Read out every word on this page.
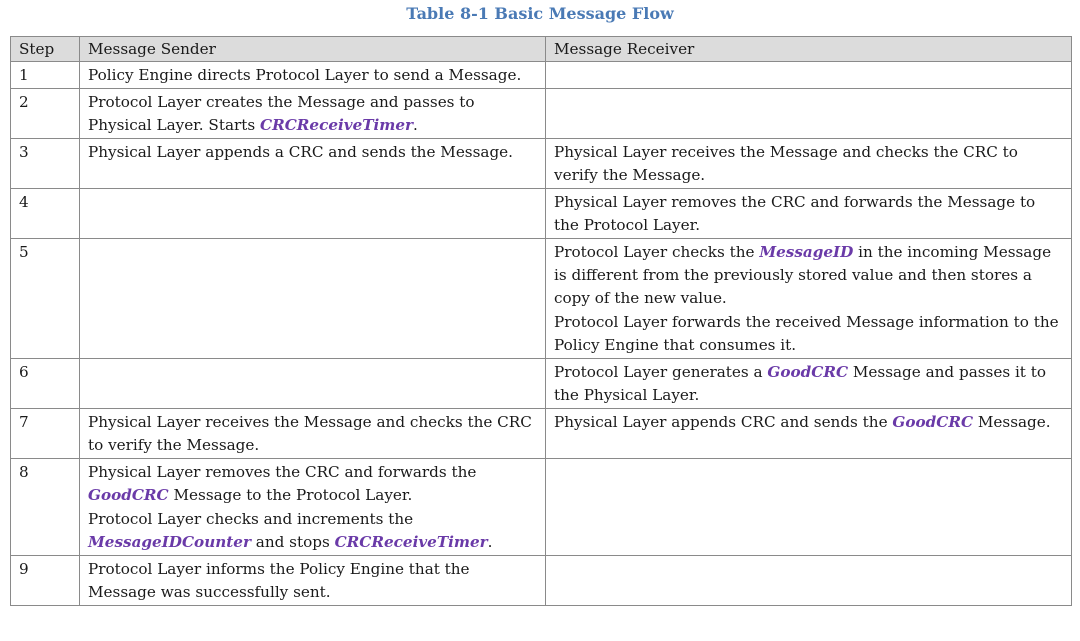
Table 8-1 Basic Message Flow
Step	Message Sender	Message Receiver
1	Policy Engine directs Protocol Layer to send a Message.	

2	Protocol Layer creates the Message and passes to Physical Layer. Starts CRCReceiveTimer.	

3	Physical Layer appends a CRC and sends the Message.	Physical Layer receives the Message and checks the CRC to verify the Message.

4		Physical Layer removes the CRC and forwards the Message to the Protocol Layer.

5		Protocol Layer checks the MessageID in the incoming Message is different from the previously stored value and then stores a copy of the new value.
Protocol Layer forwards the received Message information to the Policy Engine that consumes it.

6		Protocol Layer generates a GoodCRC Message and passes it to the Physical Layer.

7	Physical Layer receives the Message and checks the CRC to verify the Message.	Physical Layer appends CRC and sends the GoodCRC Message.

8	Physical Layer removes the CRC and forwards the GoodCRC Message to the Protocol Layer.
Protocol Layer checks and increments the MessageIDCounter and stops CRCReceiveTimer.	

9	Protocol Layer informs the Policy Engine that the Message was successfully sent.	
